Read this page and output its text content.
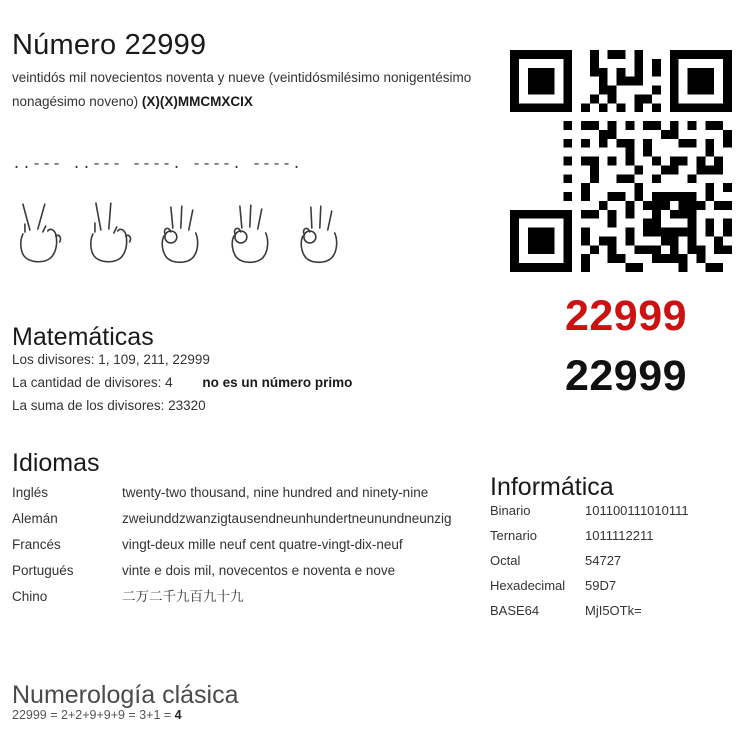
Número 22999
veintidós mil novecientos noventa y nueve (veintidósmilésimo nonigentésimo nonagésimo noveno) (X)(X)MMCMXCIX
..--- ..--- ----. ----. ----.
22999
22999
Matemáticas
Los divisores: 1, 109, 211, 22999
La cantidad de divisores: 4 no es un número primo
La suma de los divisores: 23320
Idiomas
Inglés	twenty-two thousand, nine hundred and ninety-nine
Alemán	zweiunddzwanzigtausendneunhundertneunundneunzig
Francés	vingt-deux mille neuf cent quatre-vingt-dix-neuf
Portugués	vinte e dois mil, novecentos e noventa e nove
Chino	二万二千九百九十九
Informática
Binario	101100111010111
Ternario	1011112211
Octal	54727
Hexadecimal	59D7
BASE64	MjI5OTk=
Numerología clásica
22999 = 2+2+9+9+9 = 3+1 = 4
